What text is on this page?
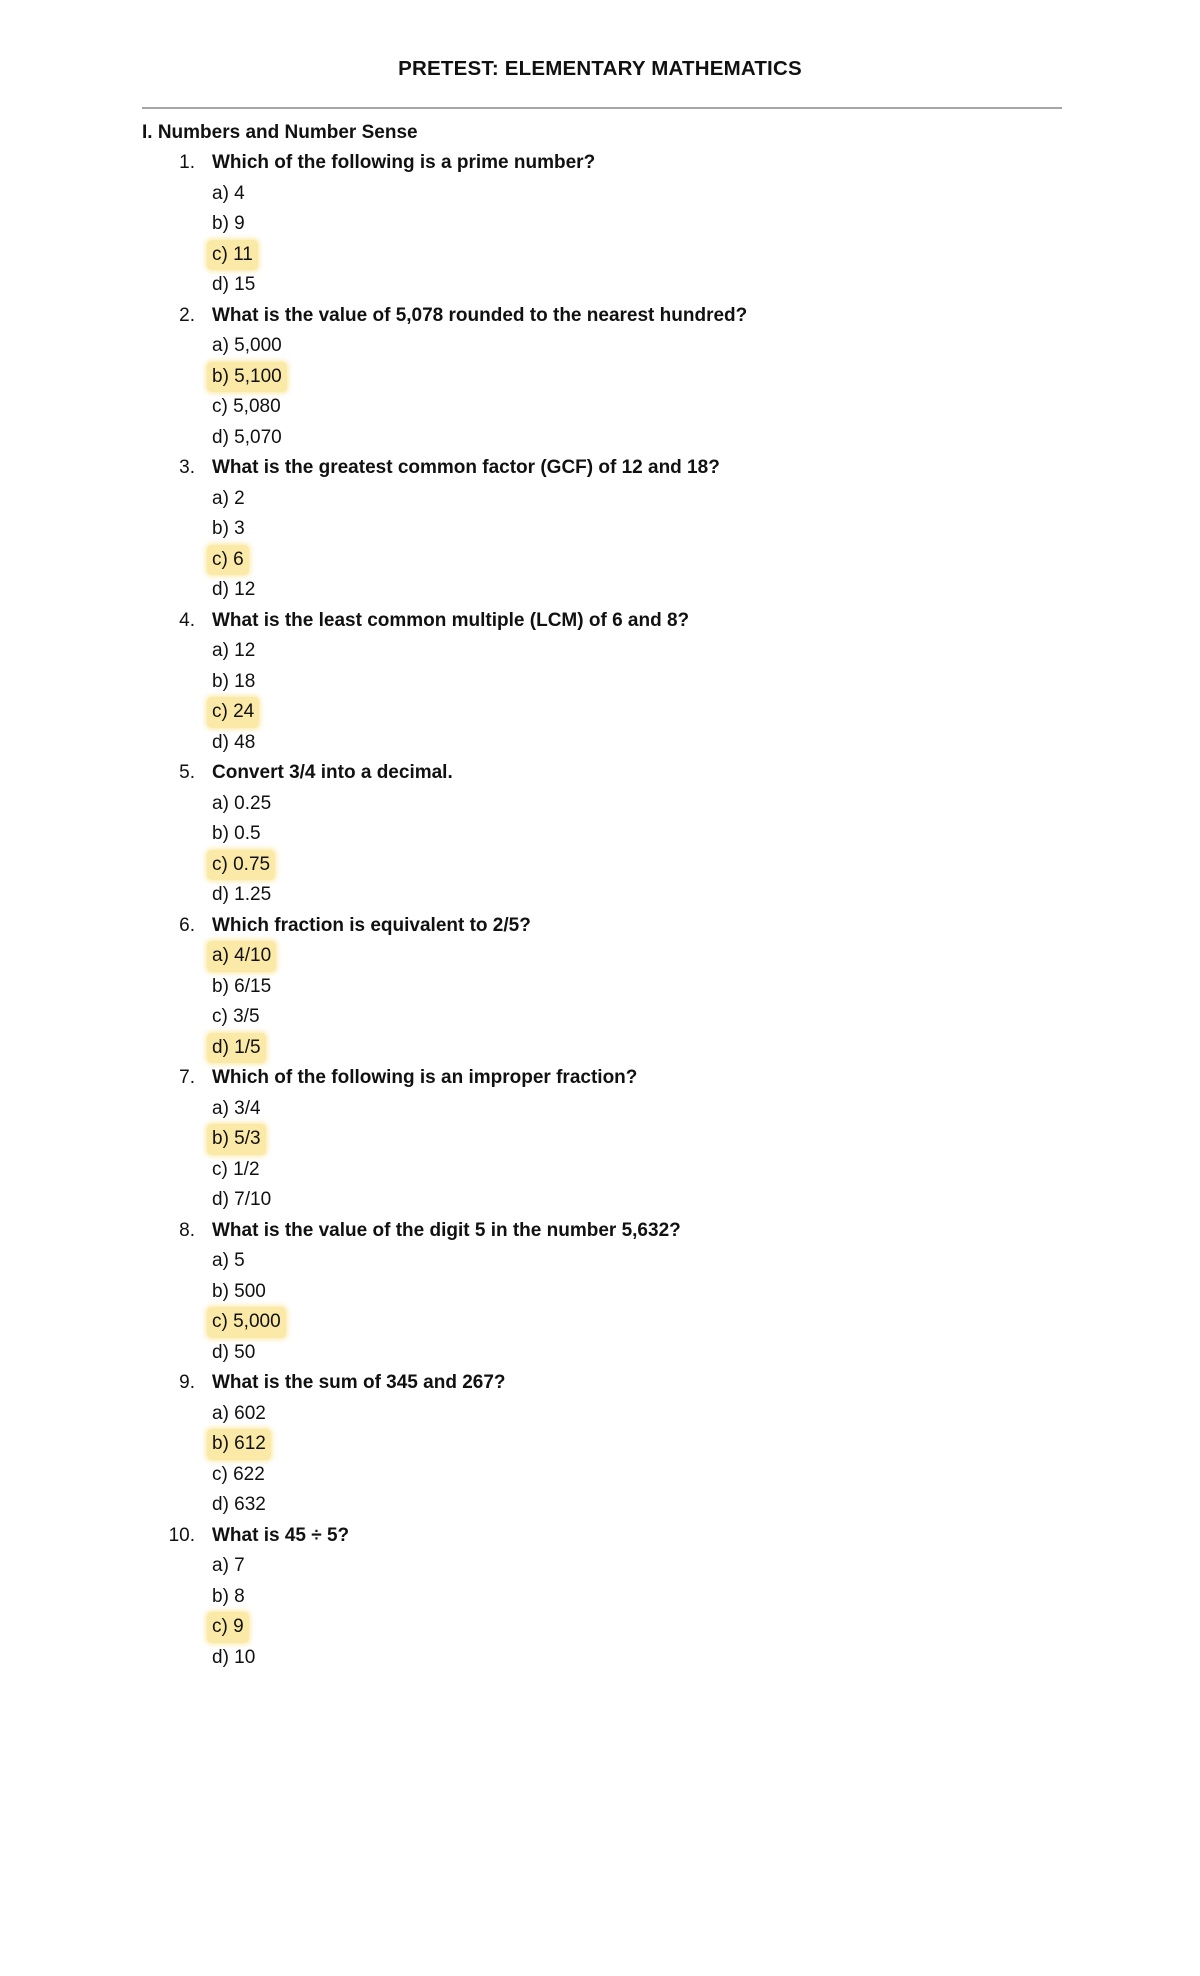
PRETEST: ELEMENTARY MATHEMATICS
I. Numbers and Number Sense
1. Which of the following is a prime number?
a) 4
b) 9
c) 11
d) 15
2. What is the value of 5,078 rounded to the nearest hundred?
a) 5,000
b) 5,100
c) 5,080
d) 5,070
3. What is the greatest common factor (GCF) of 12 and 18?
a) 2
b) 3
c) 6
d) 12
4. What is the least common multiple (LCM) of 6 and 8?
a) 12
b) 18
c) 24
d) 48
5. Convert 3/4 into a decimal.
a) 0.25
b) 0.5
c) 0.75
d) 1.25
6. Which fraction is equivalent to 2/5?
a) 4/10
b) 6/15
c) 3/5
d) 1/5
7. Which of the following is an improper fraction?
a) 3/4
b) 5/3
c) 1/2
d) 7/10
8. What is the value of the digit 5 in the number 5,632?
a) 5
b) 500
c) 5,000
d) 50
9. What is the sum of 345 and 267?
a) 602
b) 612
c) 622
d) 632
10. What is 45 ÷ 5?
a) 7
b) 8
c) 9
d) 10
